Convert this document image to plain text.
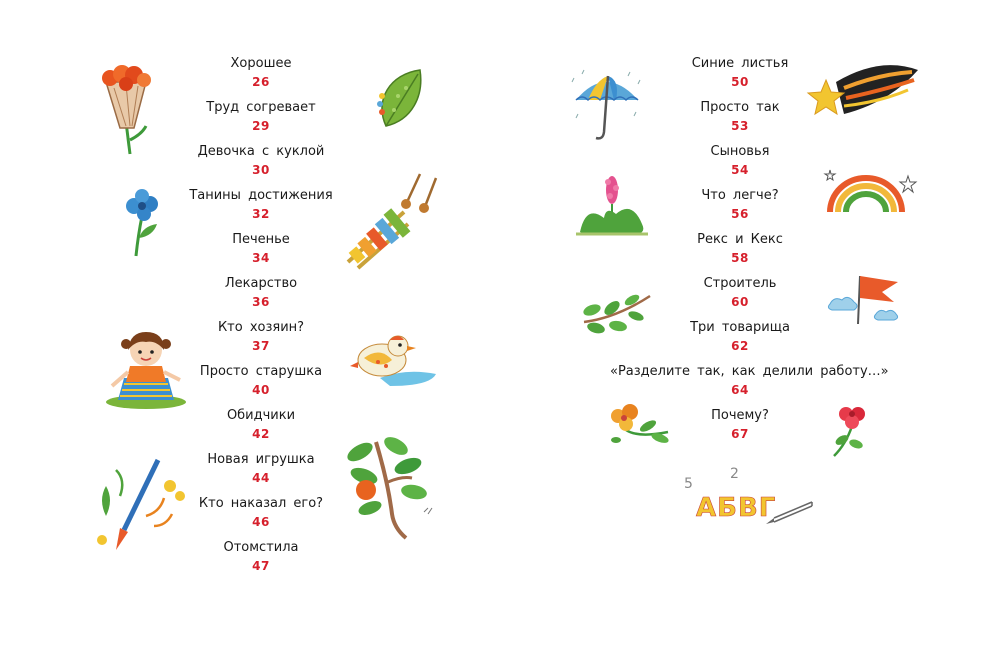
Хорошее
26
Труд согревает
29
Девочка с куклой
30
Танины достижения
32
Печенье
34
Лекарство
36
Кто хозяин?
37
Просто старушка
40
Обидчики
42
Новая игрушка
44
Кто наказал его?
46
Отомстила
47
Синие листья
50
Просто так
53
Сыновья
54
Что легче?
56
Рекс и Кекс
58
Строитель
60
Три товарища
62
«Разделите так, как делили работу…»
64
Почему?
67
5
2
АБВГ
